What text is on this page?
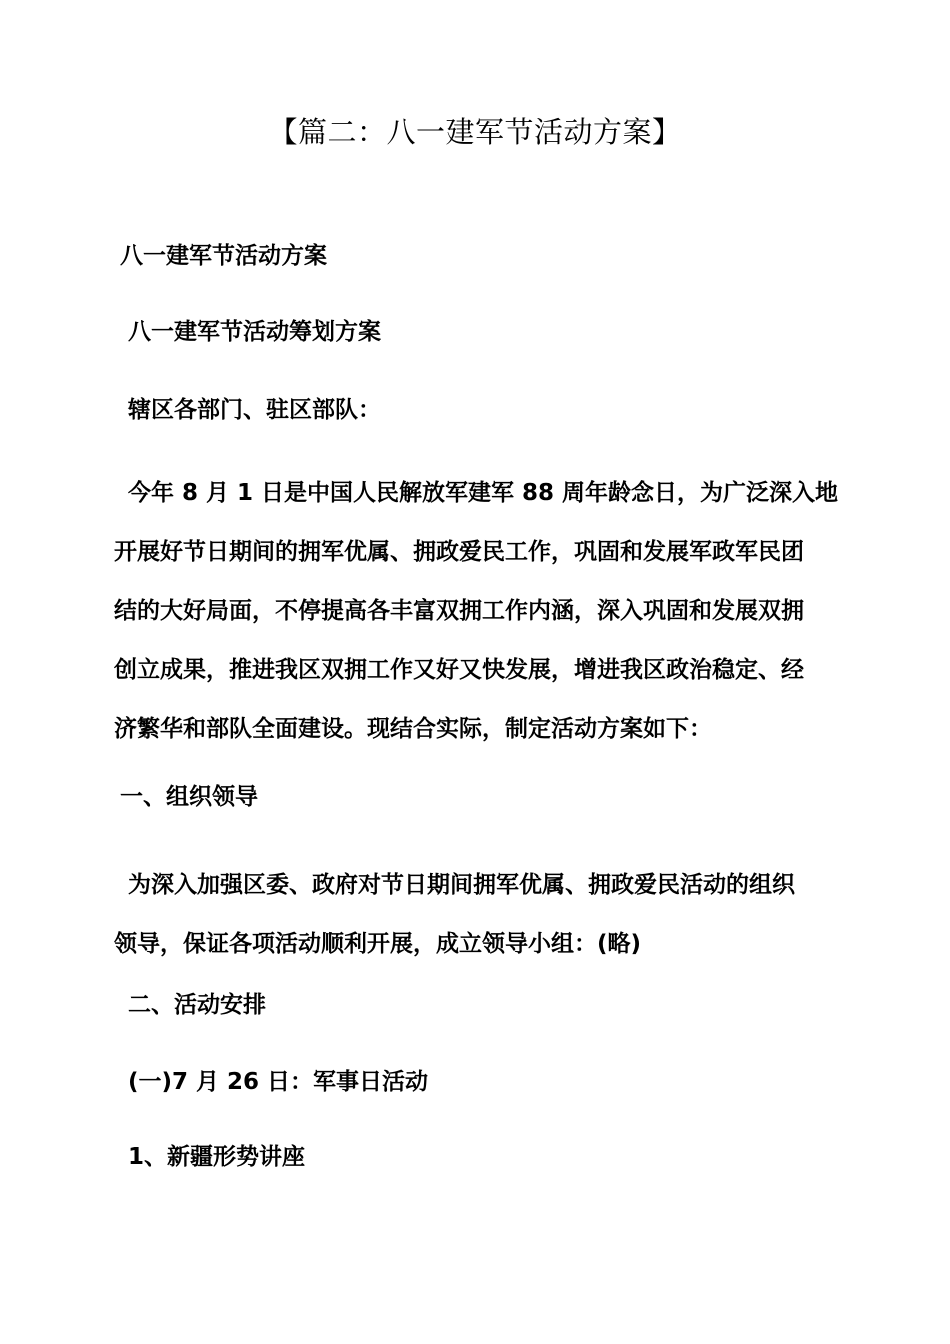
【篇二：八一建军节活动方案】
八一建军节活动方案
八一建军节活动筹划方案
辖区各部门、驻区部队：
今年 8 月 1 日是中国人民解放军建军 88 周年龄念日，为广泛深入地
开展好节日期间的拥军优属、拥政爱民工作，巩固和发展军政军民团
结的大好局面，不停提高各丰富双拥工作内涵，深入巩固和发展双拥
创立成果，推进我区双拥工作又好又快发展，增进我区政治稳定、经
济繁华和部队全面建设。现结合实际，制定活动方案如下：
一、组织领导
为深入加强区委、政府对节日期间拥军优属、拥政爱民活动的组织
领导，保证各项活动顺利开展，成立领导小组：(略)
二、活动安排
(一)7 月 26 日：军事日活动
1、新疆形势讲座
